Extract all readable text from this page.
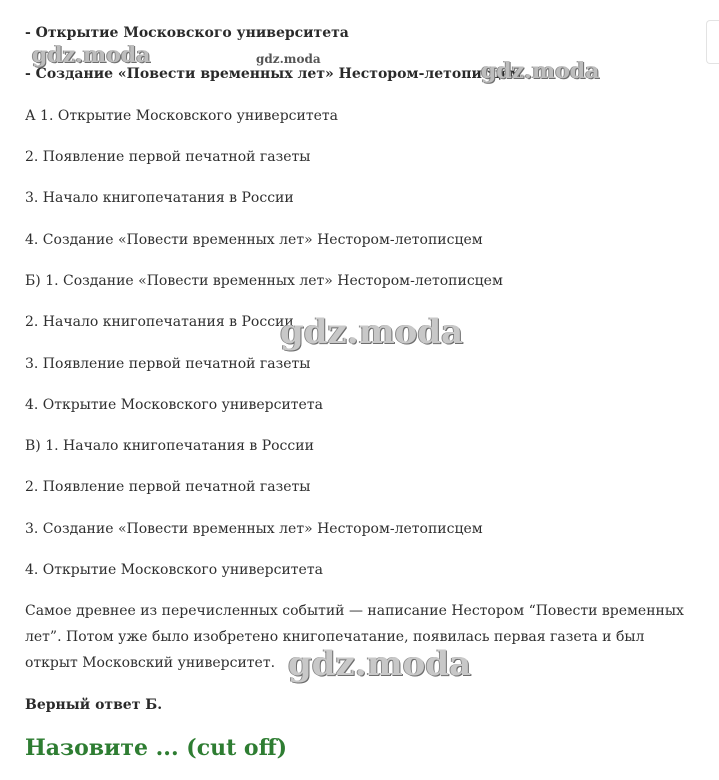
- Открытие Московского университета
- Создание «Повести временных лет» Нестором-летописцем
А 1. Открытие Московского университета
2. Появление первой печатной газеты
3. Начало книгопечатания в России
4. Создание «Повести временных лет» Нестором-летописцем
Б) 1. Создание «Повести временных лет» Нестором-летописцем
2. Начало книгопечатания в России
3. Появление первой печатной газеты
4. Открытие Московского университета
В) 1. Начало книгопечатания в России
2. Появление первой печатной газеты
3. Создание «Повести временных лет» Нестором-летописцем
4. Открытие Московского университета
Самое древнее из перечисленных событий — написание Нестором “Повести временных лет”. Потом уже было изобретено книгопечатание, появилась первая газета и был открыт Московский университет.
Верный ответ Б.
Назовите ... (cut off)
gdz.moda	gdz.moda	gdz.moda
gdz.moda
gdz.moda
